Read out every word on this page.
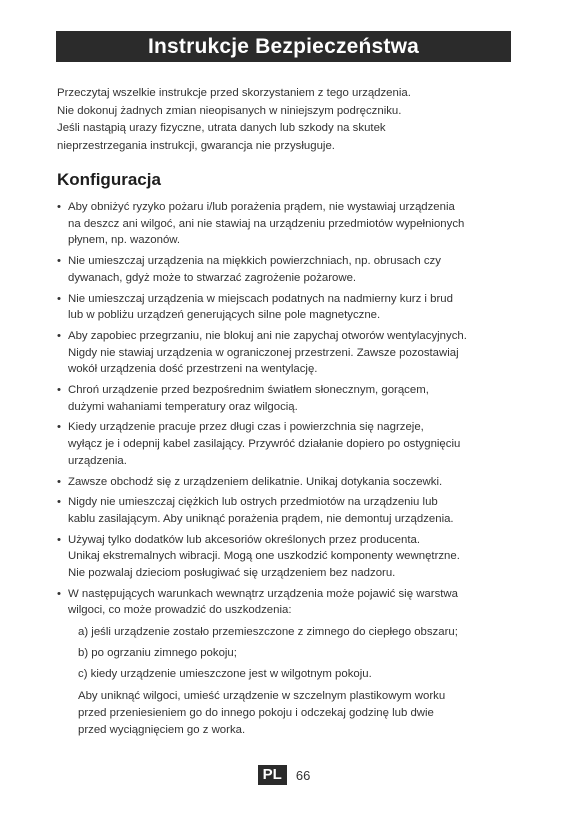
Instrukcje Bezpieczeństwa

Przeczytaj wszelkie instrukcje przed skorzystaniem z tego urządzenia.

Nie dokonuj żadnych zmian nieopisanych w niniejszym podręczniku.

Jeśli nastąpią urazy fizyczne, utrata danych lub szkody na skutek

nieprzestrzegania instrukcji, gwarancja nie przysługuje.

Konfiguracja
• Aby obniżyć ryzyko pożaru i/lub porażenia prądem, nie wystawiaj urządzenia
na deszcz ani wilgoć, ani nie stawiaj na urządzeniu przedmiotów wypełnionych
płynem, np. wazonów.
• Nie umieszczaj urządzenia na miękkich powierzchniach, np. obrusach czy
dywanach, gdyż może to stwarzać zagrożenie pożarowe.
• Nie umieszczaj urządzenia w miejscach podatnych na nadmierny kurz i brud
lub w pobliżu urządzeń generujących silne pole magnetyczne.
• Aby zapobiec przegrzaniu, nie blokuj ani nie zapychaj otworów wentylacyjnych.
Nigdy nie stawiaj urządzenia w ograniczonej przestrzeni. Zawsze pozostawiaj
wokół urządzenia dość przestrzeni na wentylację.
• Chroń urządzenie przed bezpośrednim światłem słonecznym, gorącem,
dużymi wahaniami temperatury oraz wilgocią.
• Kiedy urządzenie pracuje przez długi czas i powierzchnia się nagrzeje,
wyłącz je i odepnij kabel zasilający. Przywróć działanie dopiero po ostygnięciu
urządzenia.
• Zawsze obchodź się z urządzeniem delikatnie. Unikaj dotykania soczewki.
• Nigdy nie umieszczaj ciężkich lub ostrych przedmiotów na urządzeniu lub
kablu zasilającym. Aby uniknąć porażenia prądem, nie demontuj urządzenia.
• Używaj tylko dodatków lub akcesoriów określonych przez producenta.
Unikaj ekstremalnych wibracji. Mogą one uszkodzić komponenty wewnętrzne.
Nie pozwalaj dzieciom posługiwać się urządzeniem bez nadzoru.
• W następujących warunkach wewnątrz urządzenia może pojawić się warstwa
wilgoci, co może prowadzić do uszkodzenia:
a) jeśli urządzenie zostało przemieszczone z zimnego do ciepłego obszaru;
b) po ogrzaniu zimnego pokoju;
c) kiedy urządzenie umieszczone jest w wilgotnym pokoju.
Aby uniknąć wilgoci, umieść urządzenie w szczelnym plastikowym worku
przed przeniesieniem go do innego pokoju i odczekaj godzinę lub dwie
przed wyciągnięciem go z worka.
PL	66
